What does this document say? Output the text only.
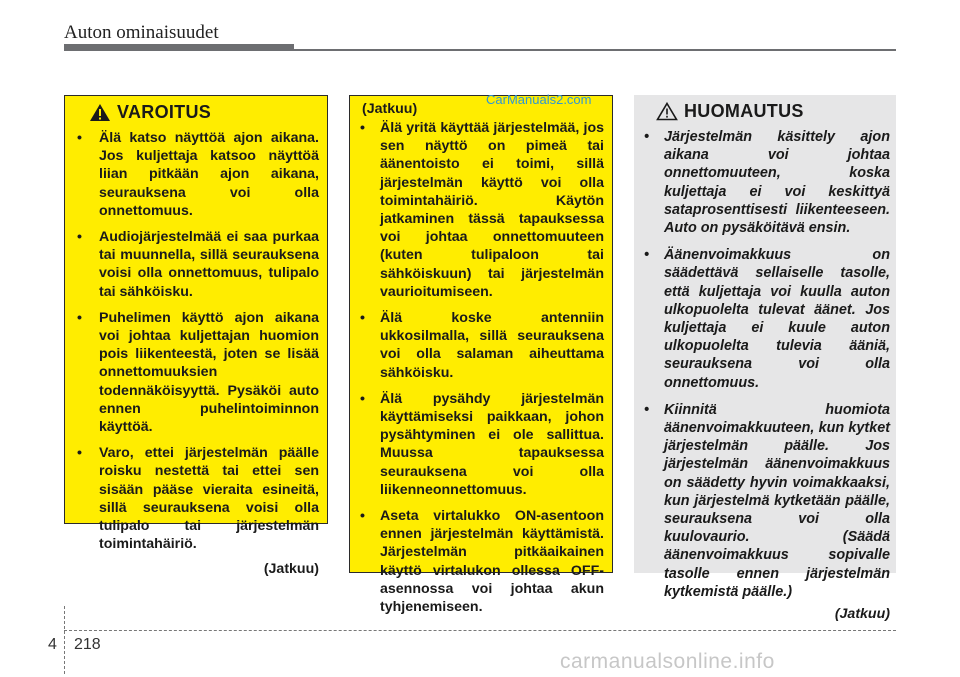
Auton ominaisuudet
VAROITUS
• Älä katso näyttöä ajon aikana. Jos kuljettaja katsoo näyttöä liian pitkään ajon aikana, seurauksena voi olla onnettomuus.
• Audiojärjestelmää ei saa purkaa tai muunnella, sillä seurauksena voisi olla onnettomuus, tulipalo tai sähköisku.
• Puhelimen käyttö ajon aikana voi johtaa kuljettajan huomion pois liikenteestä, joten se lisää onnettomuuksien todennäköisyyttä. Pysäköi auto ennen puhelintoiminnon käyttöä.
• Varo, ettei järjestelmän päälle roisku nestettä tai ettei sen sisään pääse vieraita esineitä, sillä seurauksena voisi olla tulipalo tai järjestelmän toimintahäiriö.
(Jatkuu)
(Jatkuu)
• Älä yritä käyttää järjestelmää, jos sen näyttö on pimeä tai äänentoisto ei toimi, sillä järjestelmän käyttö voi olla toimintahäiriö. Käytön jatkaminen tässä tapauksessa voi johtaa onnettomuuteen (kuten tulipaloon tai sähköiskuun) tai järjestelmän vaurioitumiseen.
• Älä koske antenniin ukkosilmalla, sillä seurauksena voi olla salaman aiheuttama sähköisku.
• Älä pysähdy järjestelmän käyttämiseksi paikkaan, johon pysähtyminen ei ole sallittua. Muussa tapauksessa seurauksena voi olla liikenneonnettomuus.
• Aseta virtalukko ON-asentoon ennen järjestelmän käyttämistä. Järjestelmän pitkäaikainen käyttö virtalukon ollessa OFF-asennossa voi johtaa akun tyhjenemiseen.
HUOMAUTUS
• Järjestelmän käsittely ajon aikana voi johtaa onnettomuuteen, koska kuljettaja ei voi keskittyä sataprosenttisesti liikenteeseen. Auto on pysäköitävä ensin.
• Äänenvoimakkuus on säädettävä sellaiselle tasolle, että kuljettaja voi kuulla auton ulkopuolelta tulevat äänet. Jos kuljettaja ei kuule auton ulkopuolelta tulevia ääniä, seurauksena voi olla onnettomuus.
• Kiinnitä huomiota äänenvoimakkuuteen, kun kytket järjestelmän päälle. Jos järjestelmän äänenvoimakkuus on säädetty hyvin voimakkaaksi, kun järjestelmä kytketään päälle, seurauksena voi olla kuulovaurio. (Säädä äänenvoimakkuus sopivalle tasolle ennen järjestelmän kytkemistä päälle.)
(Jatkuu)
CarManuals2.com
4 218
carmanualsonline.info
